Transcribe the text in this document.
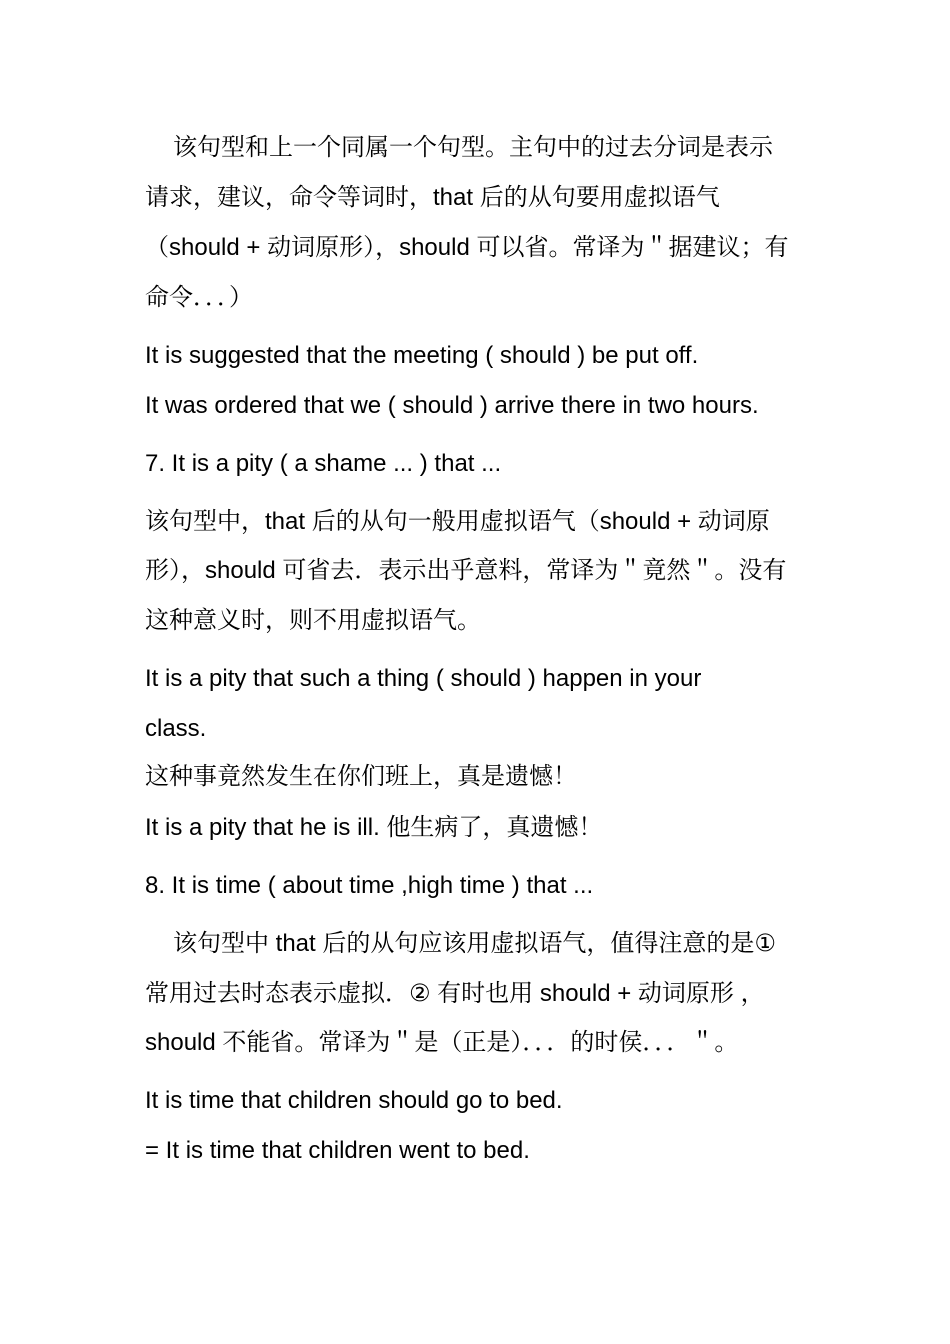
该句型和上一个同属一个句型。主句中的过去分词是表示

请求，建议，命令等词时，that 后的从句要用虚拟语气

（should + 动词原形），should 可以省。常译为＂据建议；有

命令．．．）

It is suggested that the meeting ( should ) be put off.

It was ordered that we ( should ) arrive there in two hours.

7. It is a pity ( a shame ... ) that ...

该句型中，that 后的从句一般用虚拟语气（should + 动词原

形），should 可省去．表示出乎意料，常译为＂竟然＂。没有

这种意义时，则不用虚拟语气。

It is a pity that such a thing ( should ) happen in your

class.

这种事竟然发生在你们班上，真是遗憾！

It is a pity that he is ill. 他生病了，真遗憾！

8. It is time ( about time ,high time ) that ...

该句型中 that 后的从句应该用虚拟语气，值得注意的是①

常用过去时态表示虚拟．② 有时也用 should + 动词原形 ，

should 不能省。常译为＂是（正是）．．．的时侯．．．＂。

It is time that children should go to bed.

= It is time that children went to bed.
